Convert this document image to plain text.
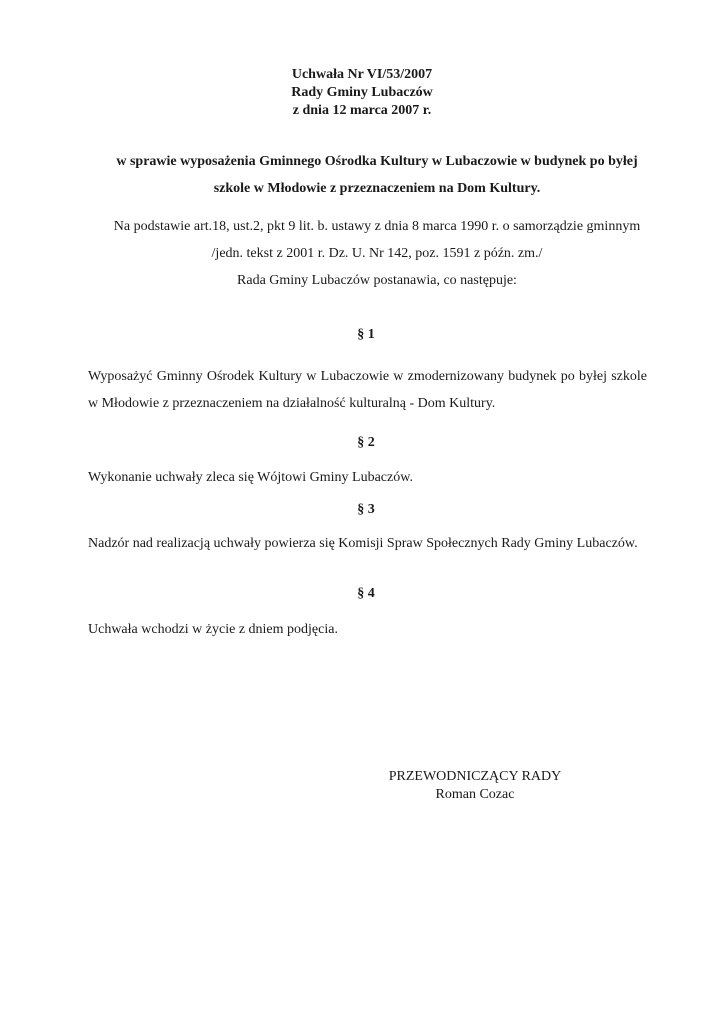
Uchwała Nr VI/53/2007
Rady Gminy Lubaczów
z dnia 12 marca 2007 r.
w sprawie wyposażenia Gminnego Ośrodka Kultury w Lubaczowie w budynek po byłej
szkole w Młodowie z przeznaczeniem na Dom Kultury.
Na podstawie art.18, ust.2, pkt 9 lit. b. ustawy z dnia 8 marca 1990 r. o samorządzie gminnym
/jedn. tekst z 2001 r. Dz. U. Nr 142, poz. 1591 z późn. zm./
Rada Gminy Lubaczów postanawia, co następuje:
§ 1
Wyposażyć Gminny Ośrodek Kultury w Lubaczowie w zmodernizowany budynek po byłej szkole w Młodowie z przeznaczeniem na działalność kulturalną - Dom Kultury.
§ 2
Wykonanie uchwały zleca się Wójtowi Gminy Lubaczów.
§ 3
Nadzór nad realizacją uchwały powierza się Komisji Spraw Społecznych Rady Gminy Lubaczów.
§ 4
Uchwała wchodzi w życie z dniem podjęcia.
PRZEWODNICZĄCY RADY
Roman Cozac
